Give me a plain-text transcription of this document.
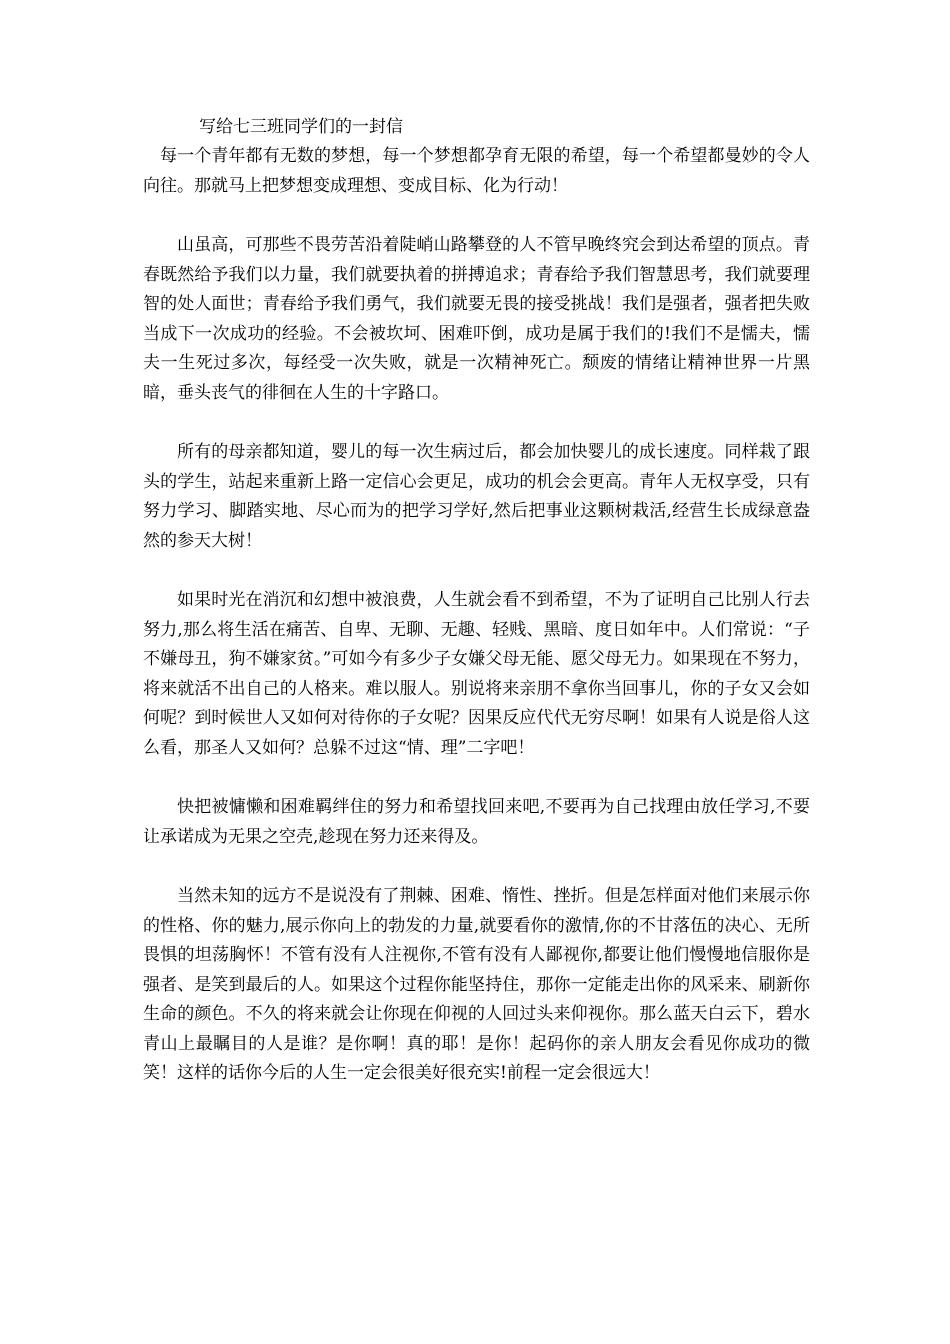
写给七三班同学们的一封信

每一个青年都有无数的梦想，每一个梦想都孕育无限的希望，每一个希望都曼妙的令人向往。那就马上把梦想变成理想、变成目标、化为行动！

山虽高，可那些不畏劳苦沿着陡峭山路攀登的人不管早晚终究会到达希望的顶点。青春既然给予我们以力量，我们就要执着的拼搏追求；青春给予我们智慧思考，我们就要理智的处人面世；青春给予我们勇气，我们就要无畏的接受挑战！我们是强者，强者把失败当成下一次成功的经验。不会被坎坷、困难吓倒，成功是属于我们的!我们不是懦夫，懦夫一生死过多次，每经受一次失败，就是一次精神死亡。颓废的情绪让精神世界一片黑暗，垂头丧气的徘徊在人生的十字路口。

所有的母亲都知道，婴儿的每一次生病过后，都会加快婴儿的成长速度。同样栽了跟头的学生，站起来重新上路一定信心会更足，成功的机会会更高。青年人无权享受，只有努力学习、脚踏实地、尽心而为的把学习学好,然后把事业这颗树栽活,经营生长成绿意盎然的参天大树！

如果时光在消沉和幻想中被浪费，人生就会看不到希望，不为了证明自己比别人行去努力,那么将生活在痛苦、自卑、无聊、无趣、轻贱、黑暗、度日如年中。人们常说：“子不嫌母丑，狗不嫌家贫。”可如今有多少子女嫌父母无能、愿父母无力。如果现在不努力，将来就活不出自己的人格来。难以服人。别说将来亲朋不拿你当回事儿，你的子女又会如何呢？到时候世人又如何对待你的子女呢？因果反应代代无穷尽啊！如果有人说是俗人这么看，那圣人又如何？总躲不过这“情、理”二字吧！

快把被慵懒和困难羁绊住的努力和希望找回来吧,不要再为自己找理由放任学习,不要让承诺成为无果之空壳,趁现在努力还来得及。

当然未知的远方不是说没有了荆棘、困难、惰性、挫折。但是怎样面对他们来展示你的性格、你的魅力,展示你向上的勃发的力量,就要看你的激情,你的不甘落伍的决心、无所畏惧的坦荡胸怀！不管有没有人注视你,不管有没有人鄙视你,都要让他们慢慢地信服你是强者、是笑到最后的人。如果这个过程你能坚持住，那你一定能走出你的风采来、刷新你生命的颜色。不久的将来就会让你现在仰视的人回过头来仰视你。那么蓝天白云下，碧水青山上最瞩目的人是谁？是你啊！真的耶！是你！起码你的亲人朋友会看见你成功的微笑！这样的话你今后的人生一定会很美好很充实!前程一定会很远大！
